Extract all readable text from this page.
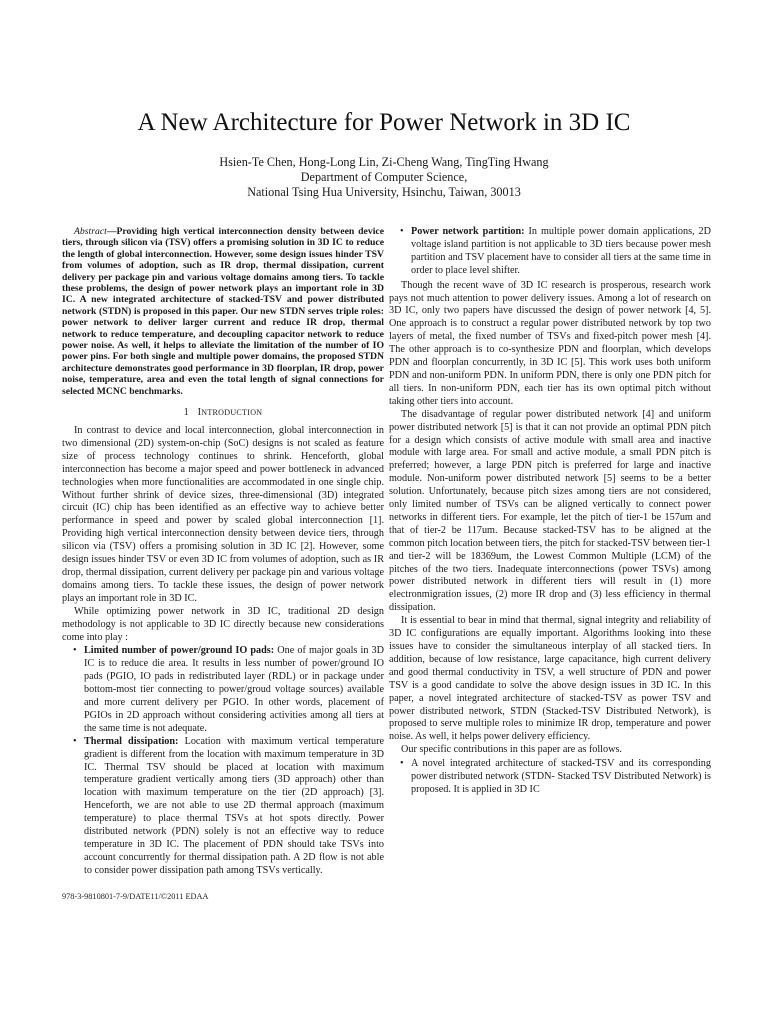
A New Architecture for Power Network in 3D IC
Hsien-Te Chen, Hong-Long Lin, Zi-Cheng Wang, TingTing Hwang
Department of Computer Science,
National Tsing Hua University, Hsinchu, Taiwan, 30013

Abstract—Providing high vertical interconnection density between device tiers, through silicon via (TSV) offers a promising solution in 3D IC to reduce the length of global interconnection. However, some design issues hinder TSV from volumes of adoption, such as IR drop, thermal dissipation, current delivery per package pin and various voltage domains among tiers. To tackle these problems, the design of power network plays an important role in 3D IC. A new integrated architecture of stacked-TSV and power distributed network (STDN) is proposed in this paper. Our new STDN serves triple roles: power network to deliver larger current and reduce IR drop, thermal network to reduce temperature, and decoupling capacitor network to reduce power noise. As well, it helps to alleviate the limitation of the number of IO power pins. For both single and multiple power domains, the proposed STDN architecture demonstrates good performance in 3D floorplan, IR drop, power noise, temperature, area and even the total length of signal connections for selected MCNC benchmarks.

1 INTRODUCTION

In contrast to device and local interconnection, global interconnection in two dimensional (2D) system-on-chip (SoC) designs is not scaled as feature size of process technology continues to shrink. Henceforth, global interconnection has become a major speed and power bottleneck in advanced technologies when more functionalities are accommodated in one single chip. Without further shrink of device sizes, three-dimensional (3D) integrated circuit (IC) chip has been identified as an effective way to achieve better performance in speed and power by scaled global interconnection [1]. Providing high vertical interconnection density between device tiers, through silicon via (TSV) offers a promising solution in 3D IC [2]. However, some design issues hinder TSV or even 3D IC from volumes of adoption, such as IR drop, thermal dissipation, current delivery per package pin and various voltage domains among tiers. To tackle these issues, the design of power network plays an important role in 3D IC.

While optimizing power network in 3D IC, traditional 2D design methodology is not applicable to 3D IC directly because new considerations come into play :

• Limited number of power/ground IO pads: One of major goals in 3D IC is to reduce die area. It results in less number of power/ground IO pads (PGIO, IO pads in redistributed layer (RDL) or in package under bottom-most tier connecting to power/groud voltage sources) available and more current delivery per PGIO. In other words, placement of PGIOs in 2D approach without considering activities among all tiers at the same time is not adequate.
• Thermal dissipation: Location with maximum vertical temperature gradient is different from the location with maximum temperature in 3D IC. Thermal TSV should be placed at location with maximum temperature gradient vertically among tiers (3D approach) other than location with maximum temperature on the tier (2D approach) [3]. Henceforth, we are not able to use 2D thermal approach (maximum temperature) to place thermal TSVs at hot spots directly. Power distributed network (PDN) solely is not an effective way to reduce temperature in 3D IC. The placement of PDN should take TSVs into account concurrently for thermal dissipation path. A 2D flow is not able to consider power dissipation path among TSVs vertically.
• Power network partition: In multiple power domain applications, 2D voltage island partition is not applicable to 3D tiers because power mesh partition and TSV placement have to consider all tiers at the same time in order to place level shifter.

Though the recent wave of 3D IC research is prosperous, research work pays not much attention to power delivery issues. Among a lot of research on 3D IC, only two papers have discussed the design of power network [4, 5]. One approach is to construct a regular power distributed network by top two layers of metal, the fixed number of TSVs and fixed-pitch power mesh [4]. The other approach is to co-synthesize PDN and floorplan, which develops PDN and floorplan concurrently, in 3D IC [5]. This work uses both uniform PDN and non-uniform PDN. In uniform PDN, there is only one PDN pitch for all tiers. In non-uniform PDN, each tier has its own optimal pitch without taking other tiers into account.

The disadvantage of regular power distributed network [4] and uniform power distributed network [5] is that it can not provide an optimal PDN pitch for a design which consists of active module with small area and inactive module with large area. For small and active module, a small PDN pitch is preferred; however, a large PDN pitch is preferred for large and inactive module. Non-uniform power distributed network [5] seems to be a better solution. Unfortunately, because pitch sizes among tiers are not considered, only limited number of TSVs can be aligned vertically to connect power networks in different tiers. For example, let the pitch of tier-1 be 157um and that of tier-2 be 117um. Because stacked-TSV has to be aligned at the common pitch location between tiers, the pitch for stacked-TSV between tier-1 and tier-2 will be 18369um, the Lowest Common Multiple (LCM) of the pitches of the two tiers. Inadequate interconnections (power TSVs) among power distributed network in different tiers will result in (1) more electronmigration issues, (2) more IR drop and (3) less efficiency in thermal dissipation.

It is essential to bear in mind that thermal, signal integrity and reliability of 3D IC configurations are equally important. Algorithms looking into these issues have to consider the simultaneous interplay of all stacked tiers. In addition, because of low resistance, large capacitance, high current delivery and good thermal conductivity in TSV, a well structure of PDN and power TSV is a good candidate to solve the above design issues in 3D IC. In this paper, a novel integrated architecture of stacked-TSV as power TSV and power distributed network, STDN (Stacked-TSV Distributed Network), is proposed to serve multiple roles to minimize IR drop, temperature and power noise. As well, it helps power delivery efficiency.

Our specific contributions in this paper are as follows.

• A novel integrated architecture of stacked-TSV and its corresponding power distributed network (STDN- Stacked TSV Distributed Network) is proposed. It is applied in 3D IC
978-3-9810801-7-9/DATE11/©2011 EDAA
